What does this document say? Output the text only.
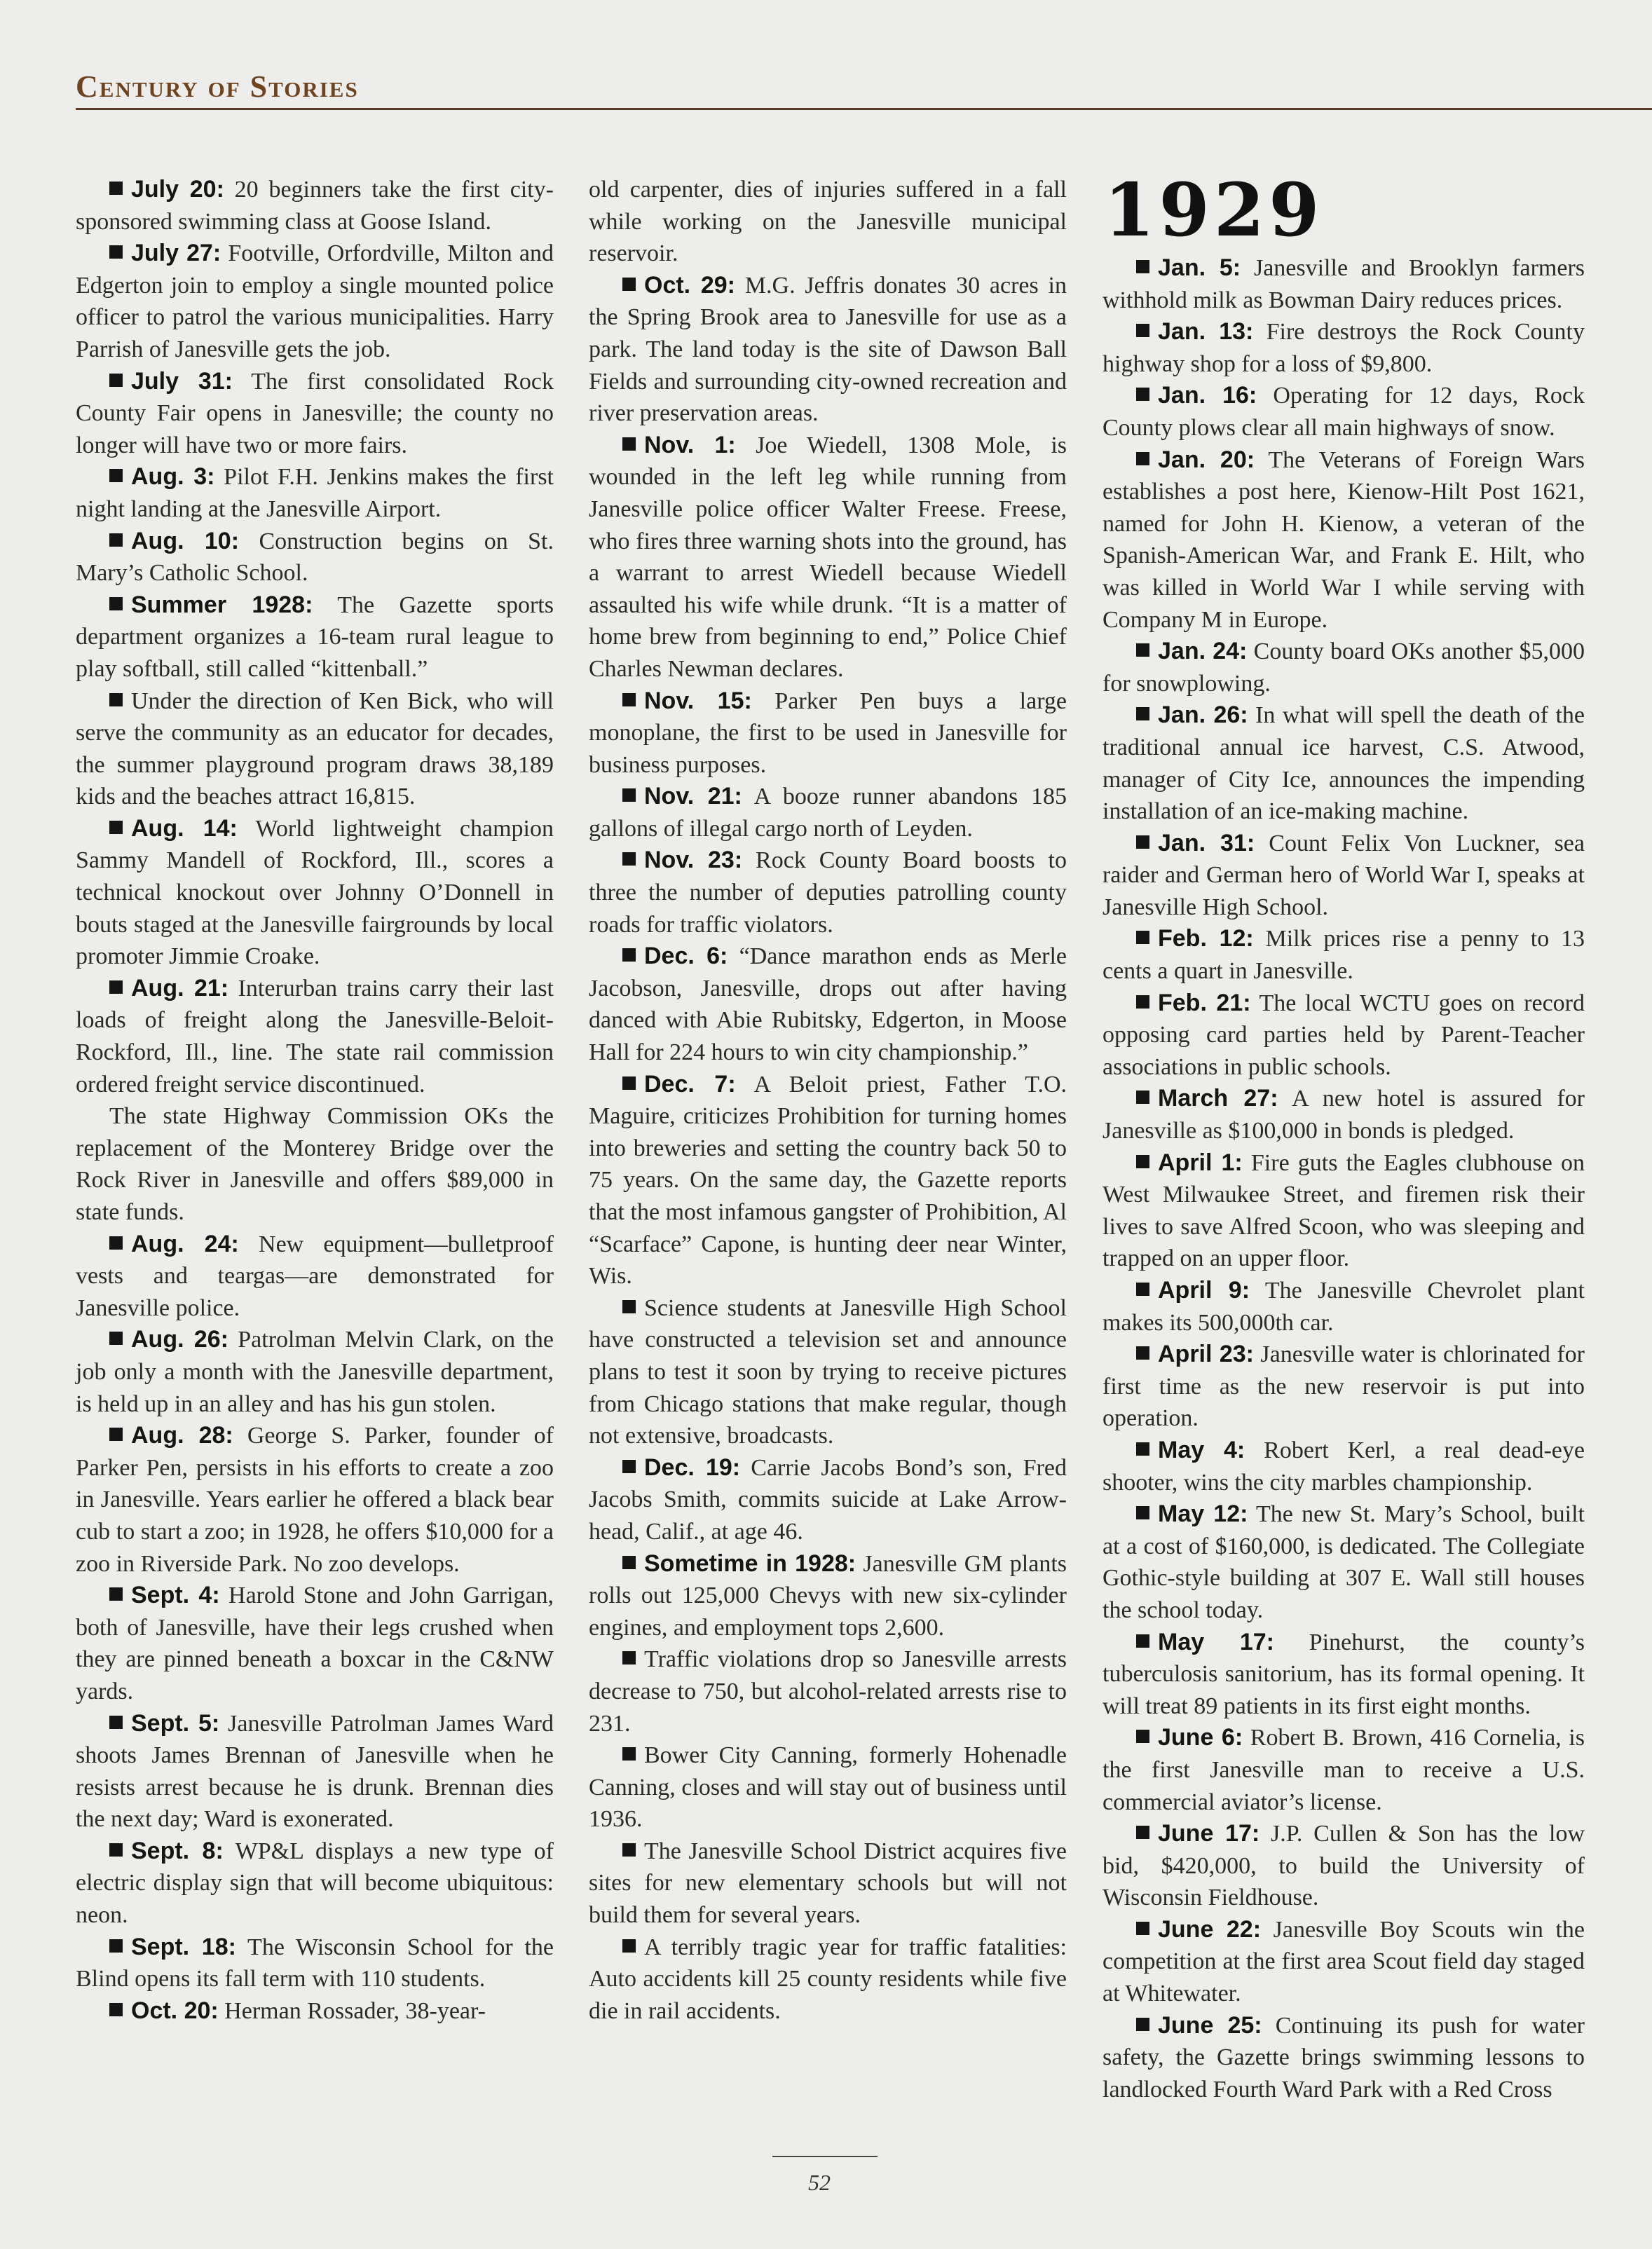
Century of Stories

July 20: 20 beginners take the first city-sponsored swimming class at Goose Island.

July 27: Footville, Orfordville, Milton and Edgerton join to employ a single mounted police officer to patrol the various municipalities. Harry Parrish of Janesville gets the job.

July 31: The first consolidated Rock County Fair opens in Janesville; the county no longer will have two or more fairs.

Aug. 3: Pilot F.H. Jenkins makes the first night landing at the Janesville Airport.

Aug. 10: Construction begins on St. Mary’s Catholic School.

Summer 1928: The Gazette sports department organizes a 16-team rural league to play softball, still called “kittenball.”

Under the direction of Ken Bick, who will serve the community as an educator for decades, the summer playground program draws 38,189 kids and the beaches attract 16,815.

Aug. 14: World lightweight champion Sammy Mandell of Rockford, Ill., scores a technical knockout over Johnny O’Donnell in bouts staged at the Janesville fairgrounds by local promoter Jimmie Croake.

Aug. 21: Interurban trains carry their last loads of freight along the Janesville-Beloit-Rockford, Ill., line. The state rail commission ordered freight service discontinued.

The state Highway Commission OKs the replacement of the Monterey Bridge over the Rock River in Janesville and offers $89,000 in state funds.

Aug. 24: New equipment—bulletproof vests and teargas—are demonstrated for Janesville police.

Aug. 26: Patrolman Melvin Clark, on the job only a month with the Janesville department, is held up in an alley and has his gun stolen.

Aug. 28: George S. Parker, founder of Parker Pen, persists in his efforts to create a zoo in Janesville. Years earlier he offered a black bear cub to start a zoo; in 1928, he offers $10,000 for a zoo in Riverside Park. No zoo develops.

Sept. 4: Harold Stone and John Garrigan, both of Janesville, have their legs crushed when they are pinned beneath a boxcar in the C&NW yards.

Sept. 5: Janesville Patrolman James Ward shoots James Brennan of Janesville when he resists arrest because he is drunk. Brennan dies the next day; Ward is exonerated.

Sept. 8: WP&L displays a new type of electric display sign that will become ubiquitous: neon.

Sept. 18: The Wisconsin School for the Blind opens its fall term with 110 students.

Oct. 20: Herman Rossader, 38-year-

old carpenter, dies of injuries suffered in a fall while working on the Janesville municipal reservoir.

Oct. 29: M.G. Jeffris donates 30 acres in the Spring Brook area to Janesville for use as a park. The land today is the site of Dawson Ball Fields and surrounding city-owned recreation and river preservation areas.

Nov. 1: Joe Wiedell, 1308 Mole, is wounded in the left leg while running from Janesville police officer Walter Freese. Freese, who fires three warning shots into the ground, has a warrant to arrest Wiedell because Wiedell assaulted his wife while drunk. “It is a matter of home brew from beginning to end,” Police Chief Charles Newman declares.

Nov. 15: Parker Pen buys a large monoplane, the first to be used in Janesville for business purposes.

Nov. 21: A booze runner abandons 185 gallons of illegal cargo north of Leyden.

Nov. 23: Rock County Board boosts to three the number of deputies patrolling county roads for traffic violators.

Dec. 6: “Dance marathon ends as Merle Jacobson, Janesville, drops out after having danced with Abie Rubitsky, Edgerton, in Moose Hall for 224 hours to win city championship.”

Dec. 7: A Beloit priest, Father T.O. Maguire, criticizes Prohibition for turning homes into breweries and setting the country back 50 to 75 years. On the same day, the Gazette reports that the most infamous gangster of Prohibition, Al “Scarface” Capone, is hunting deer near Winter, Wis.

Science students at Janesville High School have constructed a television set and announce plans to test it soon by trying to receive pictures from Chicago stations that make regular, though not extensive, broadcasts.

Dec. 19: Carrie Jacobs Bond’s son, Fred Jacobs Smith, commits suicide at Lake Arrow-head, Calif., at age 46.

Sometime in 1928: Janesville GM plants rolls out 125,000 Chevys with new six-cylinder engines, and employment tops 2,600.

Traffic violations drop so Janesville arrests decrease to 750, but alcohol-related arrests rise to 231.

Bower City Canning, formerly Hohenadle Canning, closes and will stay out of business until 1936.

The Janesville School District acquires five sites for new elementary schools but will not build them for several years.

A terribly tragic year for traffic fatalities: Auto accidents kill 25 county residents while five die in rail accidents.

1929

Jan. 5: Janesville and Brooklyn farmers withhold milk as Bowman Dairy reduces prices.

Jan. 13: Fire destroys the Rock County highway shop for a loss of $9,800.

Jan. 16: Operating for 12 days, Rock County plows clear all main highways of snow.

Jan. 20: The Veterans of Foreign Wars establishes a post here, Kienow-Hilt Post 1621, named for John H. Kienow, a veteran of the Spanish-American War, and Frank E. Hilt, who was killed in World War I while serving with Company M in Europe.

Jan. 24: County board OKs another $5,000 for snowplowing.

Jan. 26: In what will spell the death of the traditional annual ice harvest, C.S. Atwood, manager of City Ice, announces the impending installation of an ice-making machine.

Jan. 31: Count Felix Von Luckner, sea raider and German hero of World War I, speaks at Janesville High School.

Feb. 12: Milk prices rise a penny to 13 cents a quart in Janesville.

Feb. 21: The local WCTU goes on record opposing card parties held by Parent-Teacher associations in public schools.

March 27: A new hotel is assured for Janesville as $100,000 in bonds is pledged.

April 1: Fire guts the Eagles clubhouse on West Milwaukee Street, and firemen risk their lives to save Alfred Scoon, who was sleeping and trapped on an upper floor.

April 9: The Janesville Chevrolet plant makes its 500,000th car.

April 23: Janesville water is chlorinated for first time as the new reservoir is put into operation.

May 4: Robert Kerl, a real dead-eye shooter, wins the city marbles championship.

May 12: The new St. Mary’s School, built at a cost of $160,000, is dedicated. The Collegiate Gothic-style building at 307 E. Wall still houses the school today.

May 17: Pinehurst, the county’s tuberculosis sanitorium, has its formal opening. It will treat 89 patients in its first eight months.

June 6: Robert B. Brown, 416 Cornelia, is the first Janesville man to receive a U.S. commercial aviator’s license.

June 17: J.P. Cullen & Son has the low bid, $420,000, to build the University of Wisconsin Fieldhouse.

June 22: Janesville Boy Scouts win the competition at the first area Scout field day staged at Whitewater.

June 25: Continuing its push for water safety, the Gazette brings swimming lessons to landlocked Fourth Ward Park with a Red Cross

52
